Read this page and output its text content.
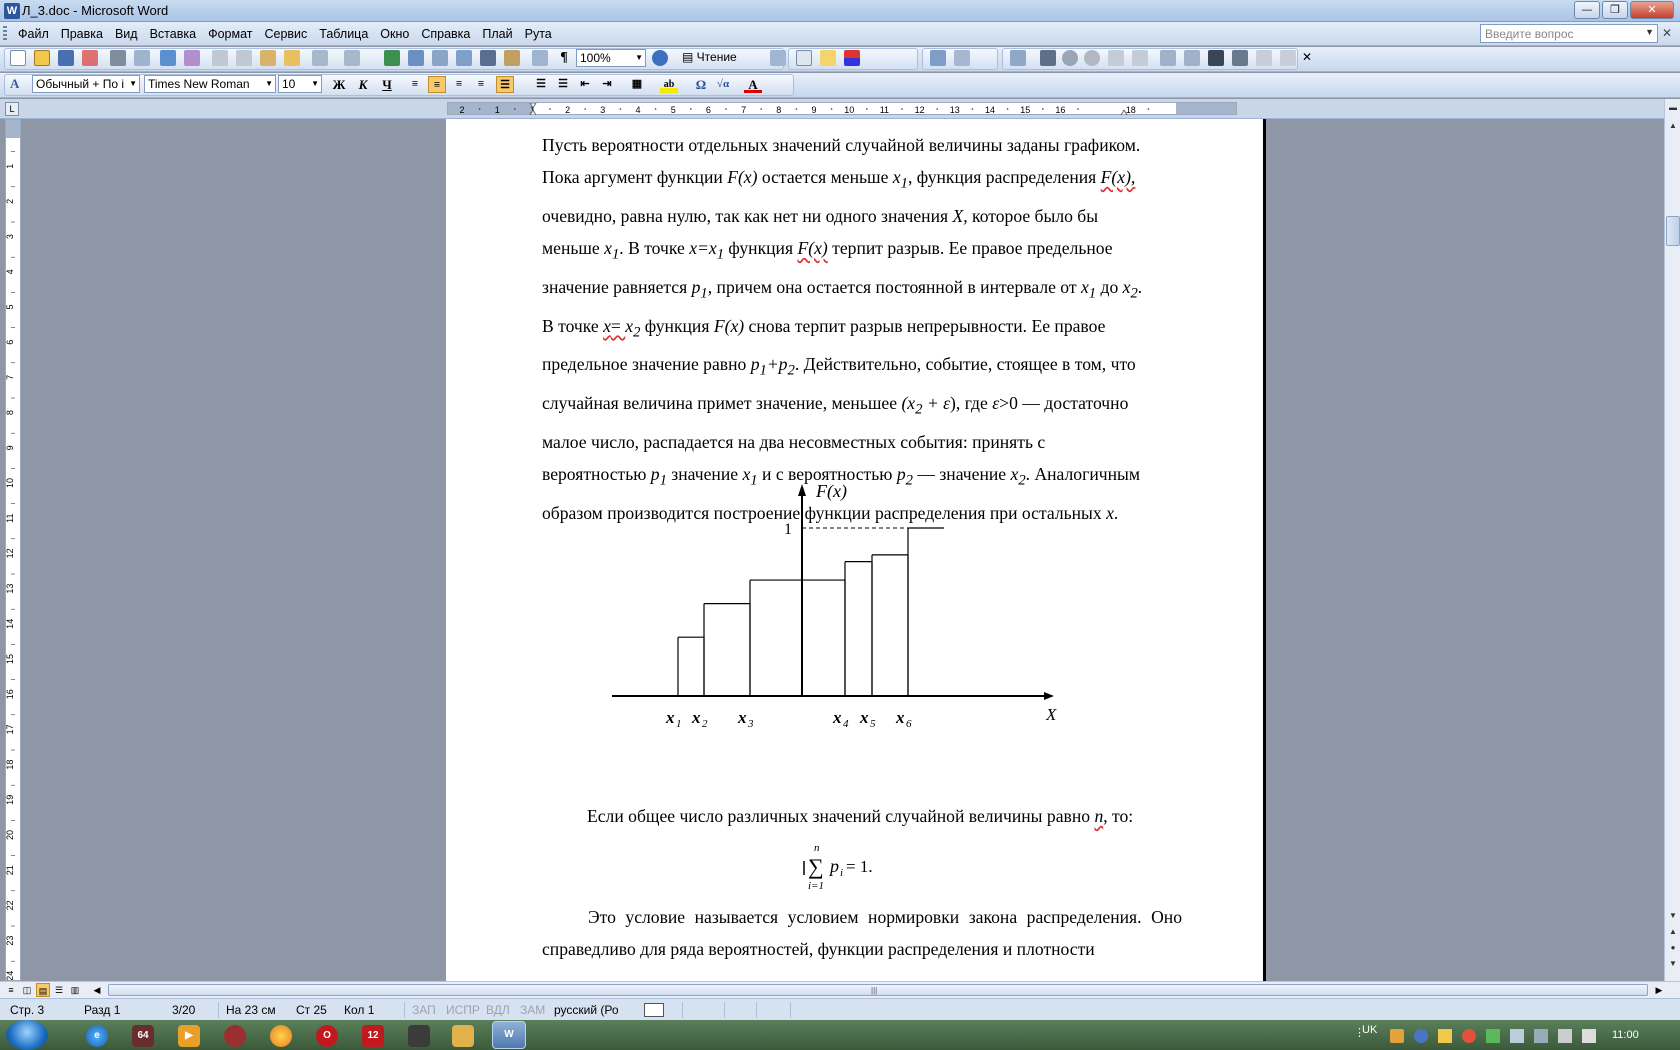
W Л_3.doc - Microsoft Word	—	❐	✕
Файл Правка Вид Вставка Формат Сервис Таблица Окно Справка Плай Рута	Введите вопрос	▼ ✕
¶	100%	▼	▤ Чтение	✕
A	Обычный + По і ▼ Times New Roman ▼ 10 ▼ Ж	К	Ч	≡	≡	≡	≡	☰	☰	☰	⇤	⇥	▦	ab Ω √α	A
L	2	1	1	2	3	4	5	6	7	8	9	10	11	12	13	14	15	16	18
1
2
3
4
5
6
7
8
9
10
11
12
13
14
15
16
17
18
19
20
21
22
23
24

Пусть вероятности отдельных значений случайной величины заданы графиком.

Пока аргумент функции F(x) остается меньше $x_1$, функция распределения F(x),

очевидно, равна нулю, так как нет ни одного значения X, которое было бы

меньше $x_1$. В точке $x=x_1$ функция F(x) терпит разрыв. Ее правое предельное

значение равняется $p_1$, причем она остается постоянной в интервале от $x_1$ до $x_2$.

В точке $x= x_2$ функция F(x) снова терпит разрыв непрерывности. Ее правое

предельное значение равно $p_1+p_2$. Действительно, событие, стоящее в том, что

случайная величина примет значение, меньшее $(x_2 + \varepsilon)$, где ε>0 — достаточно

малое число, распадается на два несовместных события: принять с

вероятностью $p_1$ значение $x_1$ и с вероятностью $p_2$ — значение $x_2$. Аналогичным

образом производится построение функции распределения при остальных x.

F(x)
X
1
x 1 x 2 x 3	x 4 x 5 x 6
Если общее число различных значений случайной величины равно n, то:
n
∑
i=1
p i = 1.
Это условие называется условием нормировки закона распределения. Оно справедливо для ряда вероятностей, функции распределения и плотности
▬
▲
▼
▲
●
▼
≡	◫ ▤ ☰ ▥	◀	|||	▶
Стр. 3	Разд 1	3/20	На 23 см Ст 25 Кол 1	ЗАП ИСПР ВДЛ ЗАМ русский (Ро
e	64	▶	O	12	W	⋮
UK	11:00
